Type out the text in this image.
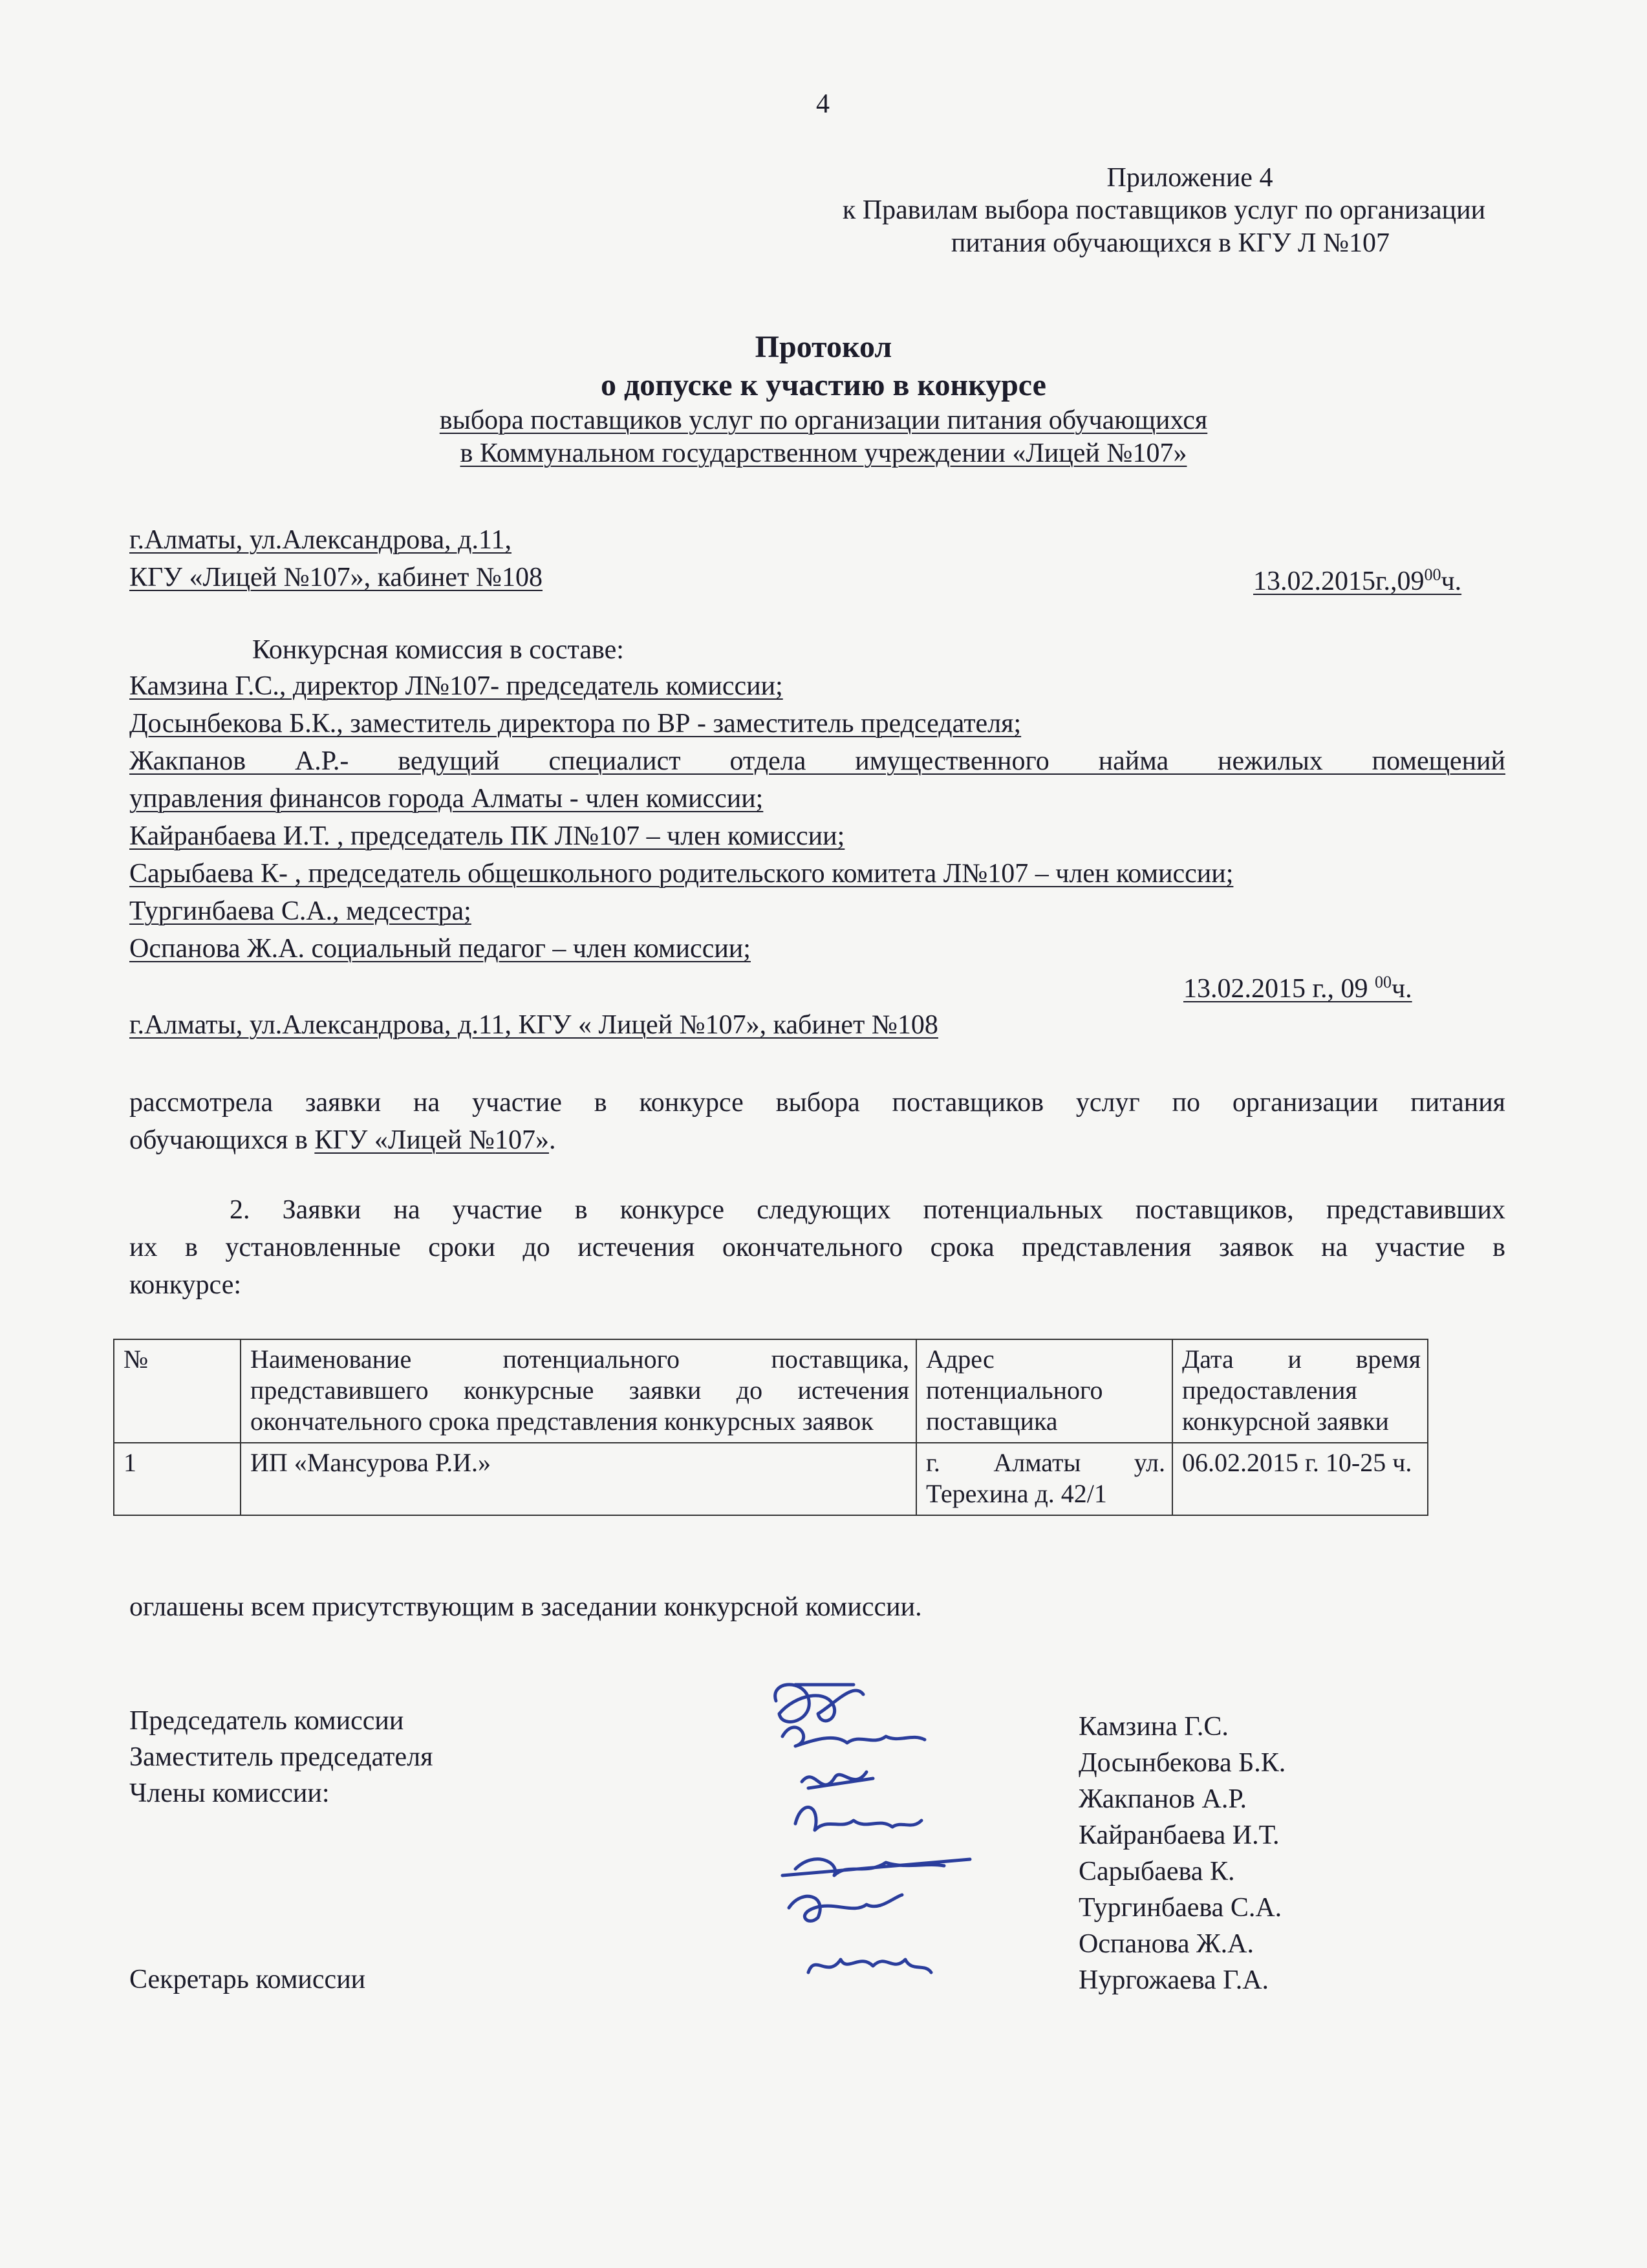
4
Приложение 4
к Правилам выбора поставщиков услуг по организации
питания обучающихся в КГУ Л №107
Протокол
о допуске к участию в конкурсе
выбора поставщиков услуг по организации питания обучающихся
в Коммунальном государственном учреждении «Лицей №107»
г.Алматы, ул.Александрова, д.11,
КГУ «Лицей №107», кабинет №108	13.02.2015г.,09$^{00}$ч.
Конкурсная комиссия в составе:
Камзина Г.С., директор Л№107- председатель комиссии;
Досынбекова Б.К., заместитель директора по ВР - заместитель председателя;
Жакпанов А.Р.- ведущий специалист отдела имущественного найма нежилых помещений
управления финансов города Алматы - член комиссии;
Кайранбаева И.Т. , председатель ПК Л№107 – член комиссии;
Сарыбаева К- , председатель общешкольного родительского комитета Л№107 – член комиссии;
Тургинбаева С.А., медсестра;
Оспанова Ж.А. социальный педагог – член комиссии;
13.02.2015 г., 09 $^{00}$ч.
г.Алматы, ул.Александрова, д.11, КГУ « Лицей №107», кабинет №108
рассмотрела заявки на участие в конкурсе выбора поставщиков услуг по организации питания
обучающихся в КГУ «Лицей №107».
2. Заявки на участие в конкурсе следующих потенциальных поставщиков, представивших
их в установленные сроки до истечения окончательного срока представления заявок на участие в
конкурсе:
№	Наименование потенциального поставщика, представившего конкурсные заявки до истечения окончательного срока представления конкурсных заявок	Адрес потенциального поставщика	Дата и время предоставления конкурсной заявки
1	ИП «Мансурова Р.И.»	г. Алматы ул. Терехина д. 42/1	06.02.2015 г. 10-25 ч.
оглашены всем присутствующим в заседании конкурсной комиссии.
Председатель комиссии
Заместитель председателя
Члены комиссии:
Секретарь комиссии
Камзина Г.С.
Досынбекова Б.К.
Жакпанов А.Р.
Кайранбаева И.Т.
Сарыбаева К.
Тургинбаева С.А.
Оспанова Ж.А.
Нургожаева Г.А.
